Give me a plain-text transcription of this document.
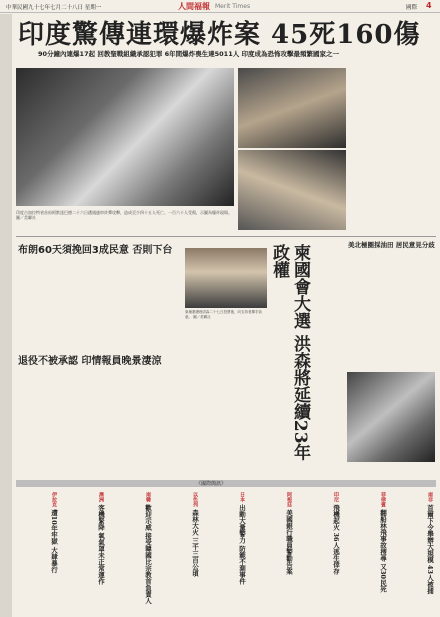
中華民國九十七年七月二十八日 星期一	人間福報 Merit Times	國際 4
印度驚傳連環爆炸案 45死160傷
90分鐘內連爆17起 回教聖戰組織承認犯罪 6年間爆炸喪生達5011人 印度成為恐怖攻擊最頻繁國家之一
印度古加拉特省首府阿默達巴德二十六日遭遇連串炸彈攻擊，造成至少四十五人死亡、一百六十人受傷，示圖為爆炸現場。 圖／美聯社
布朗60天須挽回3成民意 否則下台
柬埔寨總理洪森二十七日投票後，向支持者揮手致意。 圖／美聯社	柬國會大選 洪森將延續23年政權	美北極圈採油田 居民意見分歧
退役不被承認 印情報員晚景淒涼
《國際簡訊》
南非 首爾下令舉辦大規模 43人被捕
菲律賓 翻船林飛事故搜尋 又30民死
印尼 飛機起火 36人逃生倖存
阿根廷 美國銀行職員警勸告案
日本 出動大量警力 防範不測事件
以色列 森林大火 三千三百公頃
南韓 歡迎示威 接受韓國比宗教首負責人
澳洲 客機緊降 氧氣罩未正常運作
伊拉克 遭10年牢獄 大肆暴行
